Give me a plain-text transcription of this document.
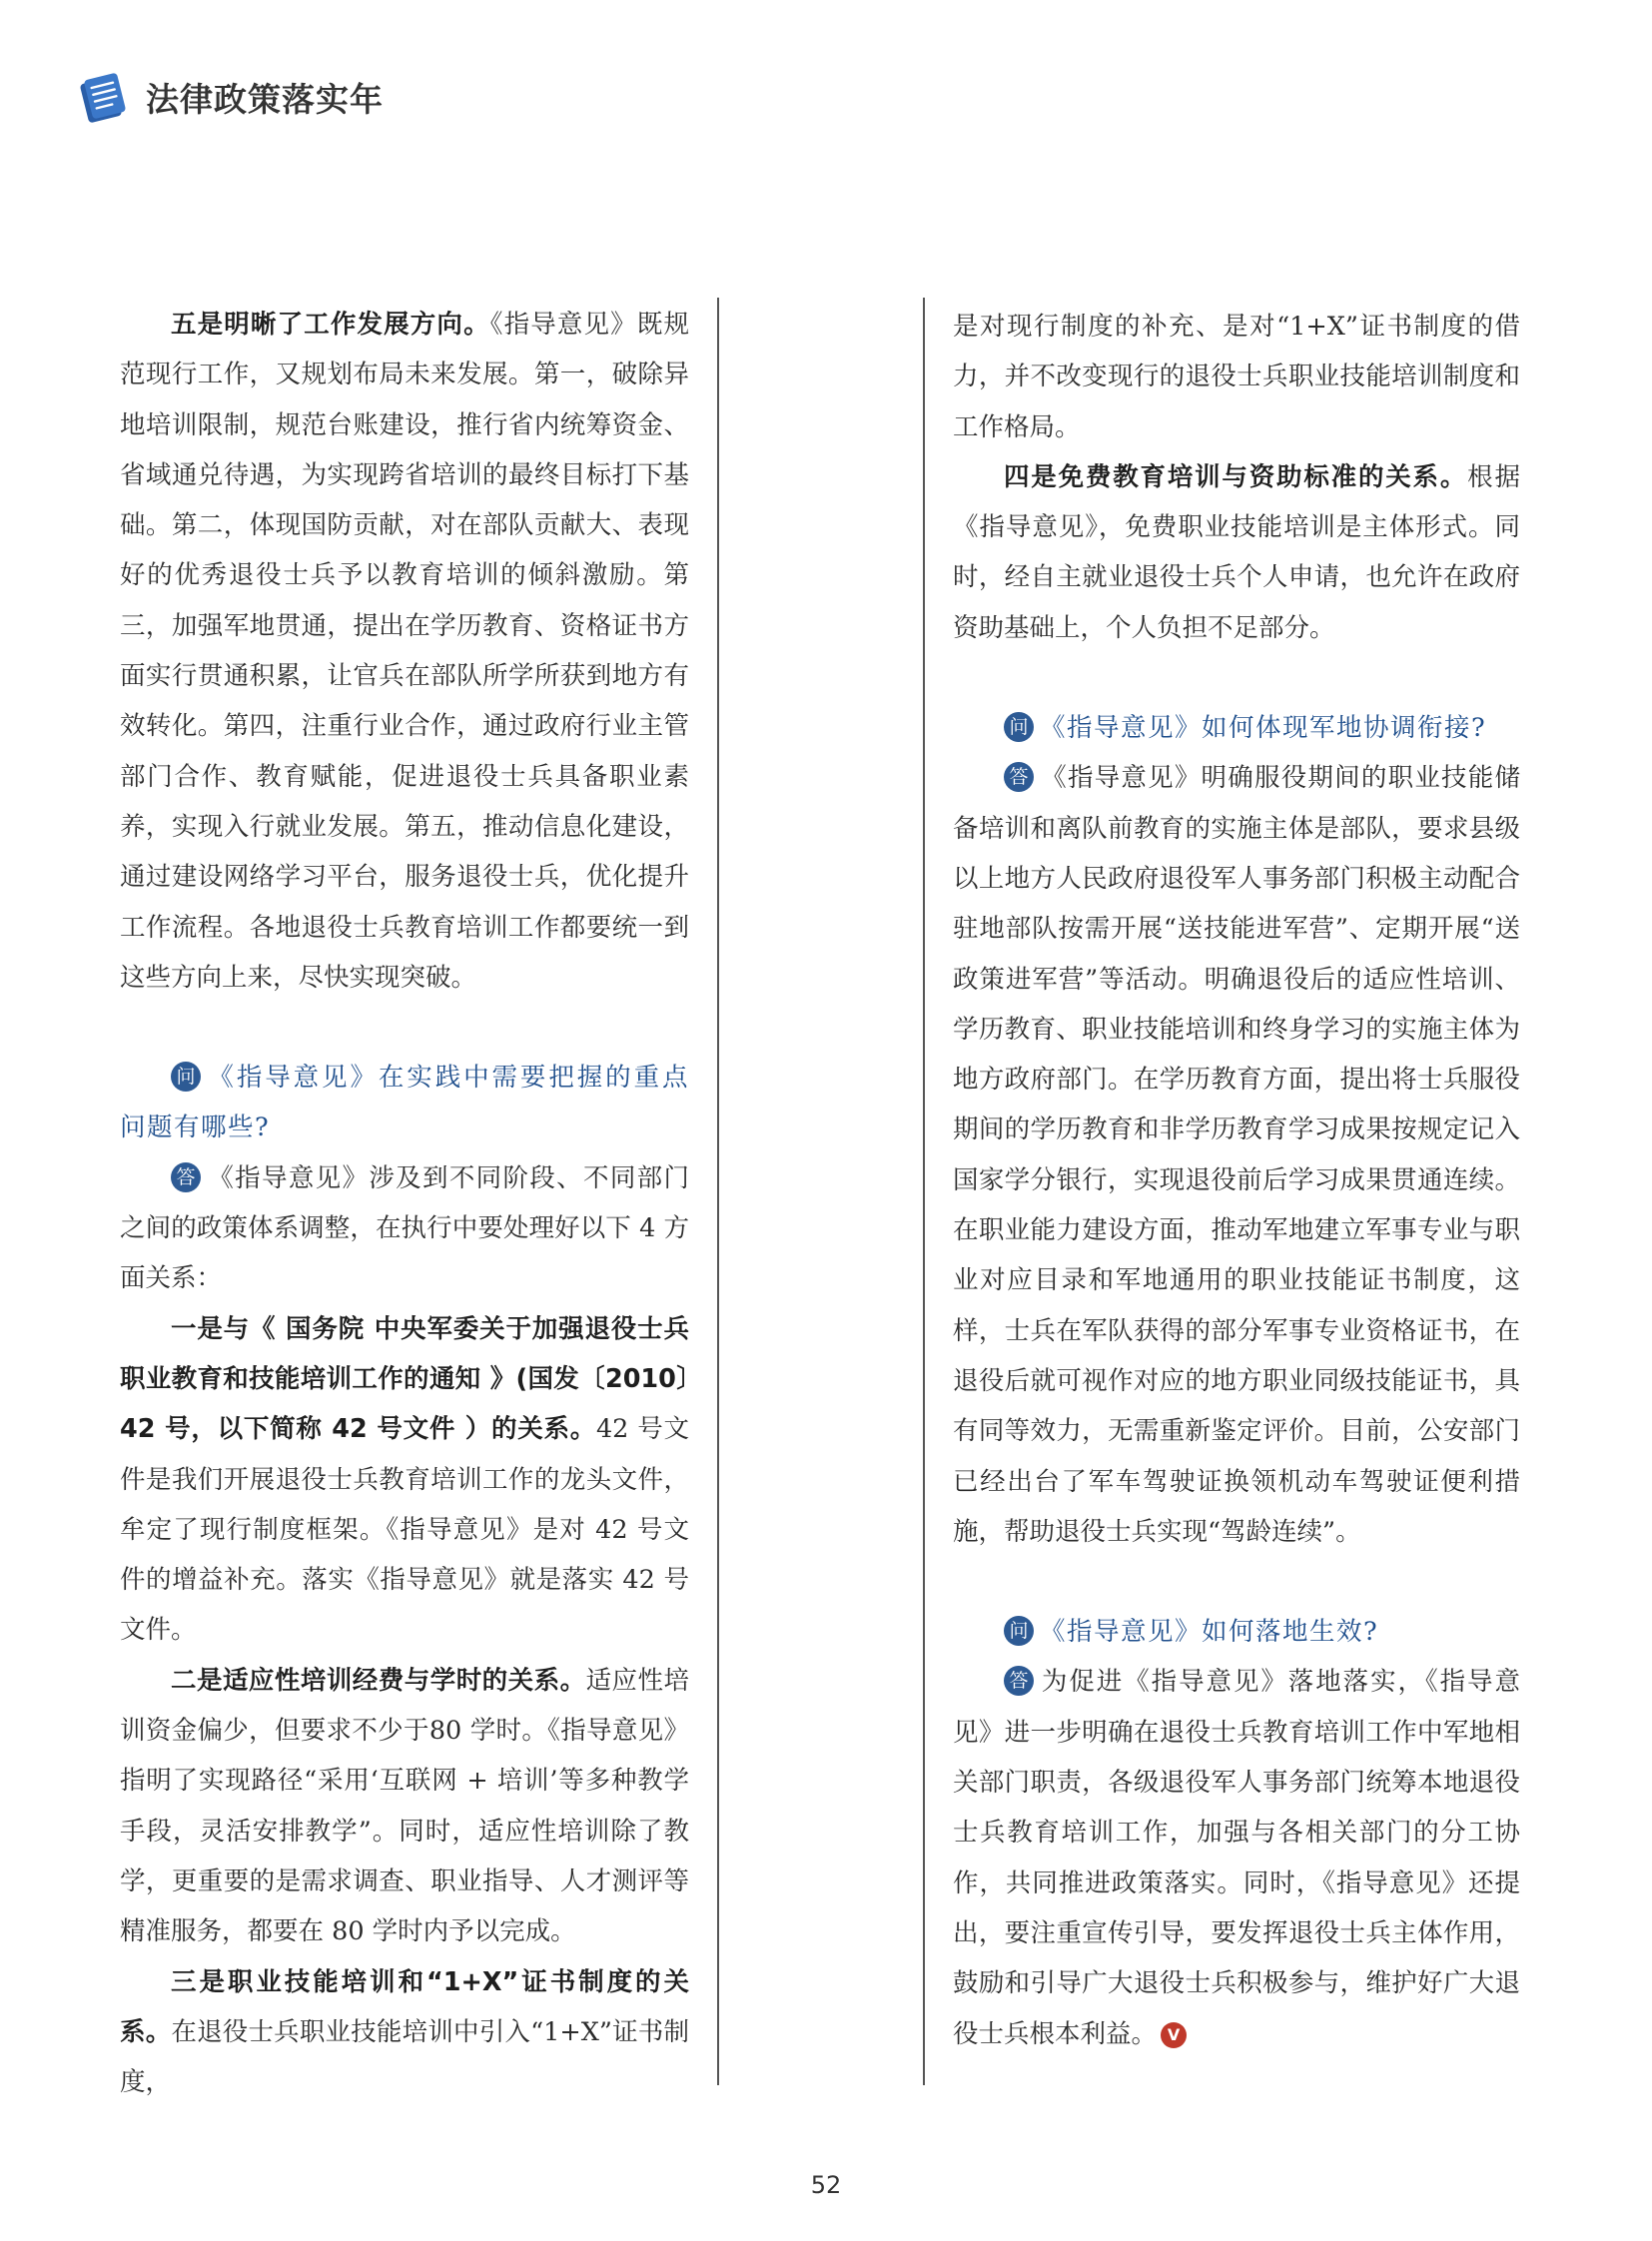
法律政策落实年

五是明晰了工作发展方向。《指导意见》既规范现行工作，又规划布局未来发展。第一，破除异地培训限制，规范台账建设，推行省内统筹资金、省域通兑待遇，为实现跨省培训的最终目标打下基础。第二，体现国防贡献，对在部队贡献大、表现好的优秀退役士兵予以教育培训的倾斜激励。第三，加强军地贯通，提出在学历教育、资格证书方面实行贯通积累，让官兵在部队所学所获到地方有效转化。第四，注重行业合作，通过政府行业主管部门合作、教育赋能，促进退役士兵具备职业素养，实现入行就业发展。第五，推动信息化建设，通过建设网络学习平台，服务退役士兵，优化提升工作流程。各地退役士兵教育培训工作都要统一到这些方向上来，尽快实现突破。

问 《指导意见》在实践中需要把握的重点问题有哪些?

答 《指导意见》涉及到不同阶段、不同部门之间的政策体系调整，在执行中要处理好以下 4 方面关系：

一是与《 国务院 中央军委关于加强退役士兵职业教育和技能培训工作的通知 》(国发〔2010〕42 号，以下简称 42 号文件 ）的关系。42 号文件是我们开展退役士兵教育培训工作的龙头文件，牟定了现行制度框架。《指导意见》是对 42 号文件的增益补充。落实《指导意见》就是落实 42 号文件。

二是适应性培训经费与学时的关系。适应性培训资金偏少，但要求不少于80 学时。《指导意见》指明了实现路径“采用‘互联网 + 培训’等多种教学手段，灵活安排教学”。同时，适应性培训除了教学，更重要的是需求调查、职业指导、人才测评等精准服务，都要在 80 学时内予以完成。

三是职业技能培训和“1+X”证书制度的关系。在退役士兵职业技能培训中引入“1+X”证书制度，

是对现行制度的补充、是对“1+X”证书制度的借力，并不改变现行的退役士兵职业技能培训制度和工作格局。

四是免费教育培训与资助标准的关系。根据《指导意见》，免费职业技能培训是主体形式。同时，经自主就业退役士兵个人申请，也允许在政府资助基础上，个人负担不足部分。

问 《指导意见》如何体现军地协调衔接?

答 《指导意见》明确服役期间的职业技能储备培训和离队前教育的实施主体是部队，要求县级以上地方人民政府退役军人事务部门积极主动配合驻地部队按需开展“送技能进军营”、定期开展“送政策进军营”等活动。明确退役后的适应性培训、学历教育、职业技能培训和终身学习的实施主体为地方政府部门。在学历教育方面，提出将士兵服役期间的学历教育和非学历教育学习成果按规定记入国家学分银行，实现退役前后学习成果贯通连续。在职业能力建设方面，推动军地建立军事专业与职业对应目录和军地通用的职业技能证书制度，这样，士兵在军队获得的部分军事专业资格证书，在退役后就可视作对应的地方职业同级技能证书，具有同等效力，无需重新鉴定评价。目前，公安部门已经出台了军车驾驶证换领机动车驾驶证便利措施，帮助退役士兵实现“驾龄连续”。

问 《指导意见》如何落地生效?

答 为促进《指导意见》落地落实，《指导意见》进一步明确在退役士兵教育培训工作中军地相关部门职责，各级退役军人事务部门统筹本地退役士兵教育培训工作，加强与各相关部门的分工协作，共同推进政策落实。同时，《指导意见》还提出，要注重宣传引导，要发挥退役士兵主体作用，鼓励和引导广大退役士兵积极参与，维护好广大退役士兵根本利益。 V

52
